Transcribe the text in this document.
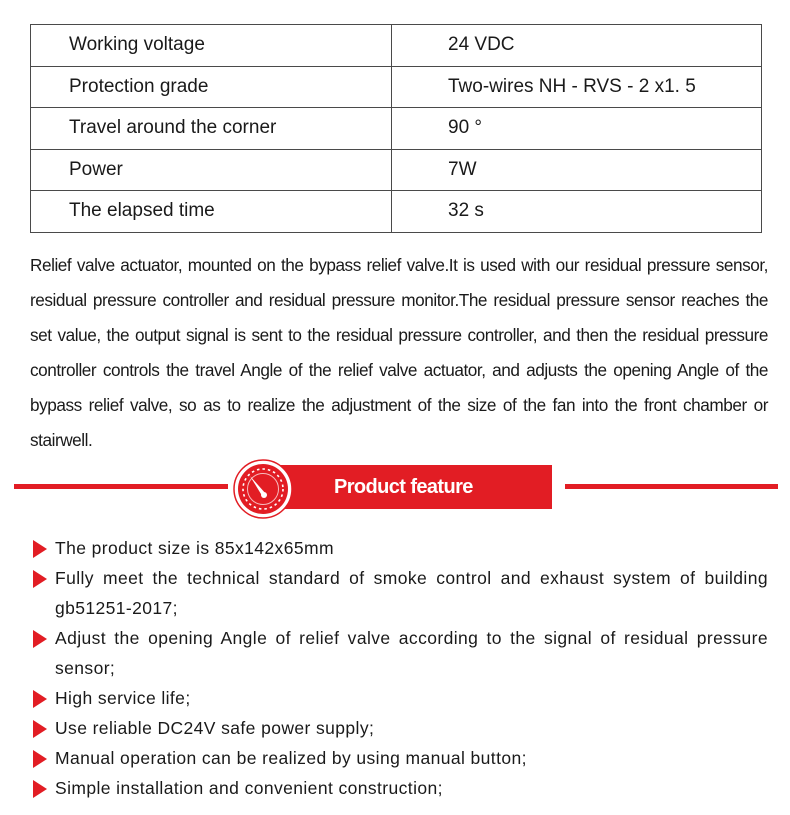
Working voltage	24 VDC
Protection grade	Two-wires NH - RVS - 2 x1. 5
Travel around the corner	90 °
Power	7W
The elapsed time	32 s

Relief valve actuator, mounted on the bypass relief valve.It is used with our residual pressure sensor, residual pressure controller and residual pressure monitor.The residual pressure sensor reaches the set value, the output signal is sent to the residual pressure controller, and then the residual pressure controller controls the travel Angle of the relief valve actuator, and adjusts the opening Angle of the bypass relief valve, so as to realize the adjustment of the size of the fan into the front chamber or stairwell.

Product feature
The product size is 85x142x65mm
Fully meet the technical standard of smoke control and exhaust system of building gb51251-2017;
Adjust the opening Angle of relief valve according to the signal of residual pressure sensor;
High service life;
Use reliable DC24V safe power supply;
Manual operation can be realized by using manual button;
Simple installation and convenient construction;
